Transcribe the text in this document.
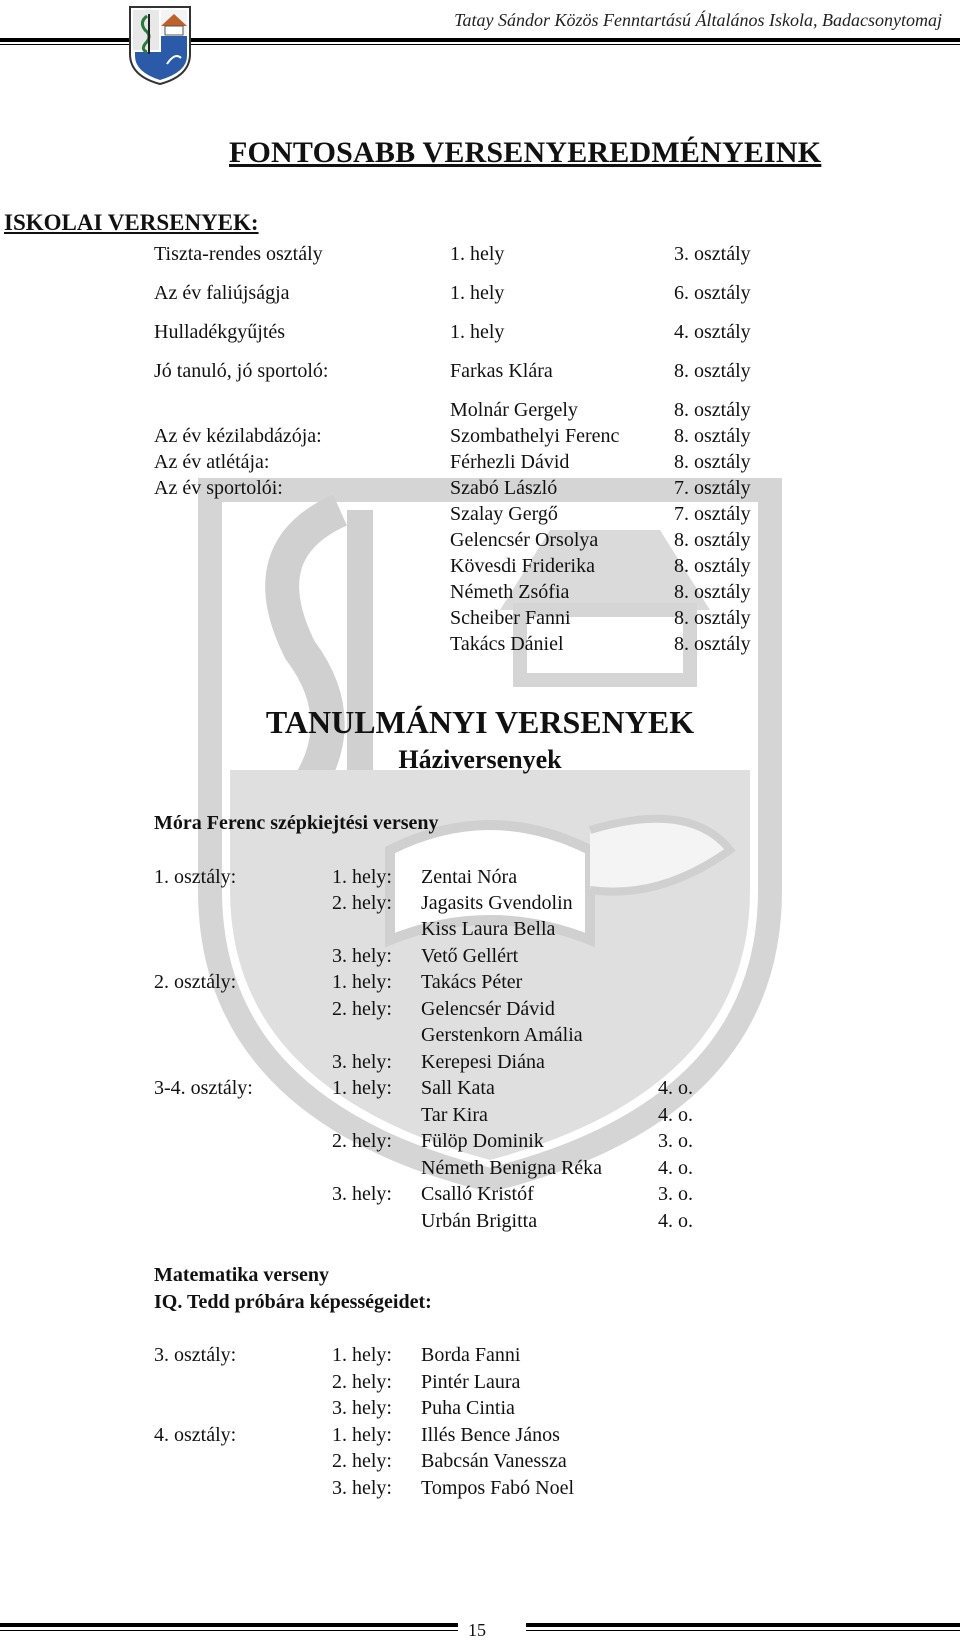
Tatay Sándor Közös Fenntartású Általános Iskola, Badacsonytomaj
FONTOSABB VERSENYEREDMÉNYEINK
ISKOLAI VERSENYEK:
Tiszta-rendes osztály	1. hely	3. osztály
Az év faliújságja	1. hely	6. osztály
Hulladékgyűjtés	1. hely	4. osztály
Jó tanuló, jó sportoló:	Farkas Klára	8. osztály
Molnár Gergely	8. osztály
Az év kézilabdázója:	Szombathelyi Ferenc	8. osztály
Az év atlétája:	Férhezli Dávid	8. osztály
Az év sportolói:	Szabó László	7. osztály
Szalay Gergő	7. osztály
Gelencsér Orsolya	8. osztály
Kövesdi Friderika	8. osztály
Németh Zsófia	8. osztály
Scheiber Fanni	8. osztály
Takács Dániel	8. osztály
TANULMÁNYI VERSENYEK
Háziversenyek
Móra Ferenc szépkiejtési verseny
1. osztály:	1. hely: Zentai Nóra
2. hely: Jagasits Gvendolin
Kiss Laura Bella
3. hely: Vető Gellért
2. osztály:	1. hely: Takács Péter
2. hely: Gelencsér Dávid
Gerstenkorn Amália
3. hely: Kerepesi Diána
3-4. osztály:	1. hely: Sall Kata	4. o.
Tar Kira	4. o.
2. hely: Fülöp Dominik	3. o.
Németh Benigna Réka	4. o.
3. hely: Csalló Kristóf	3. o.
Urbán Brigitta	4. o.
Matematika verseny
IQ. Tedd próbára képességeidet:
3. osztály:	1. hely: Borda Fanni
2. hely: Pintér Laura
3. hely: Puha Cintia
4. osztály:	1. hely: Illés Bence János
2. hely: Babcsán Vanessza
3. hely: Tompos Fabó Noel
15
